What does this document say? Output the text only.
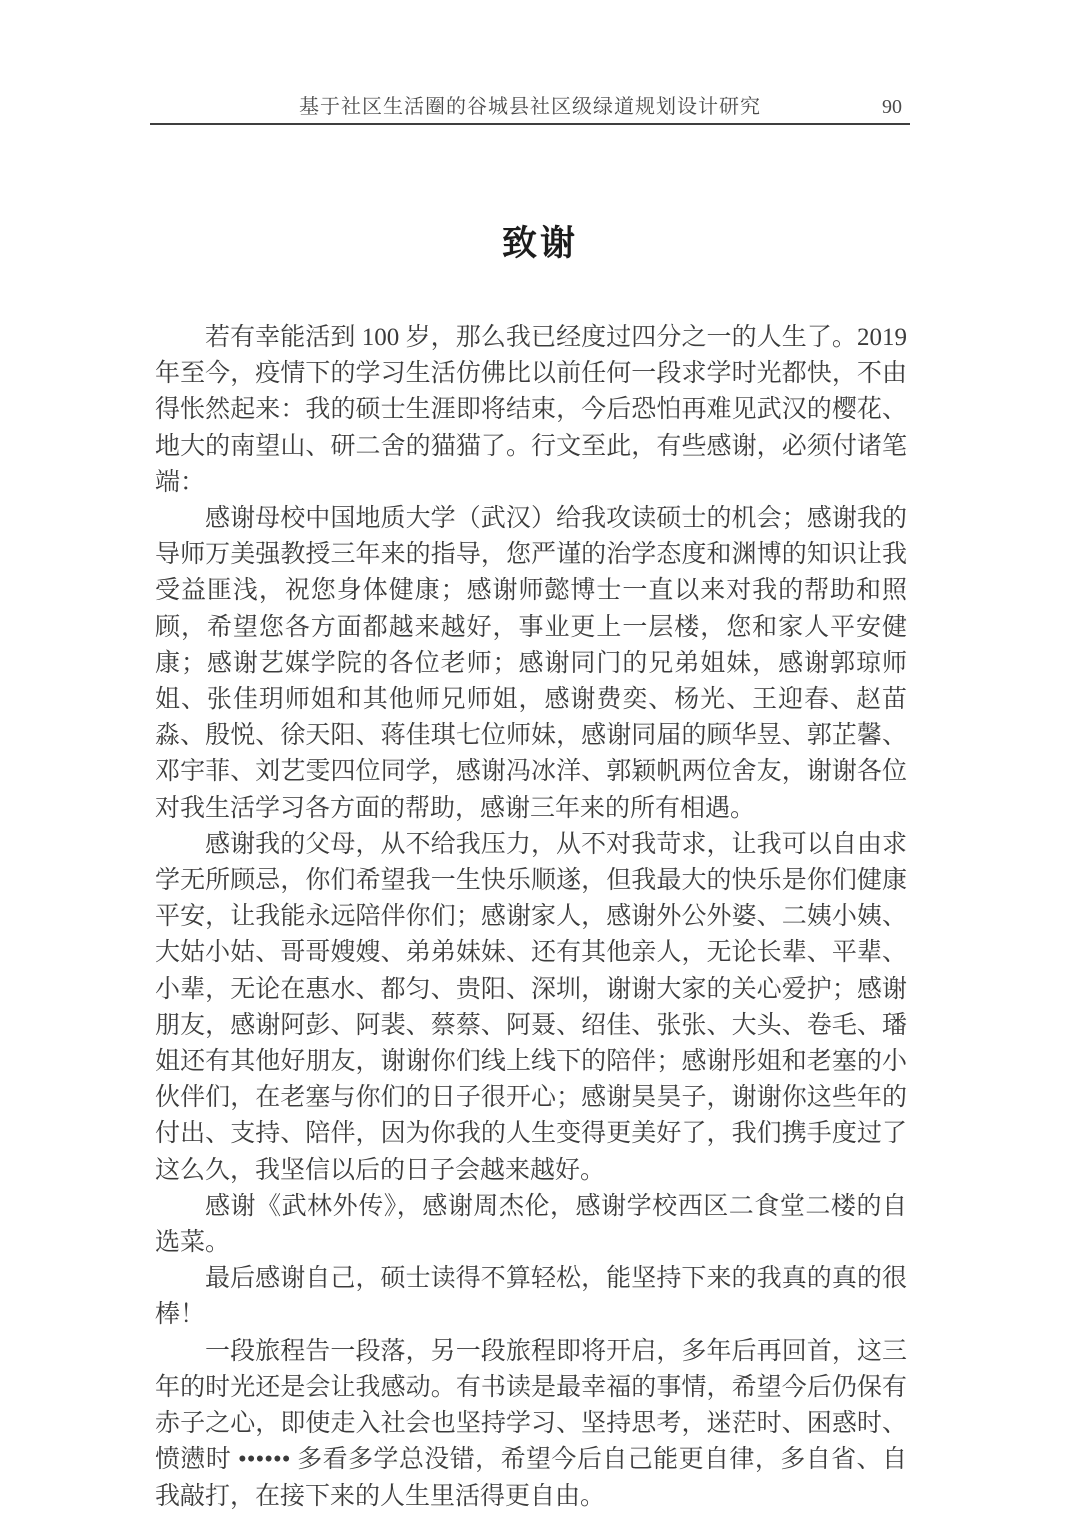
基于社区生活圈的谷城县社区级绿道规划设计研究	90
致谢

若有幸能活到 100 岁，那么我已经度过四分之一的人生了。2019 年至今，疫情下的学习生活仿佛比以前任何一段求学时光都快，不由得怅然起来：我的硕士生涯即将结束，今后恐怕再难见武汉的樱花、地大的南望山、研二舍的猫猫了。行文至此，有些感谢，必须付诸笔端：

感谢母校中国地质大学（武汉）给我攻读硕士的机会；感谢我的导师万美强教授三年来的指导，您严谨的治学态度和渊博的知识让我受益匪浅，祝您身体健康；感谢师懿博士一直以来对我的帮助和照顾，希望您各方面都越来越好，事业更上一层楼，您和家人平安健康；感谢艺媒学院的各位老师；感谢同门的兄弟姐妹，感谢郭琼师姐、张佳玥师姐和其他师兄师姐，感谢费奕、杨光、王迎春、赵苗淼、殷悦、徐天阳、蒋佳琪七位师妹，感谢同届的顾华昱、郭芷馨、邓宇菲、刘艺雯四位同学，感谢冯冰洋、郭颖帆两位舍友，谢谢各位对我生活学习各方面的帮助，感谢三年来的所有相遇。

感谢我的父母，从不给我压力，从不对我苛求，让我可以自由求学无所顾忌，你们希望我一生快乐顺遂，但我最大的快乐是你们健康平安，让我能永远陪伴你们；感谢家人，感谢外公外婆、二姨小姨、大姑小姑、哥哥嫂嫂、弟弟妹妹、还有其他亲人，无论长辈、平辈、小辈，无论在惠水、都匀、贵阳、深圳，谢谢大家的关心爱护；感谢朋友，感谢阿彭、阿裴、蔡蔡、阿聂、绍佳、张张、大头、卷毛、璠姐还有其他好朋友，谢谢你们线上线下的陪伴；感谢彤姐和老塞的小伙伴们，在老塞与你们的日子很开心；感谢昊昊子，谢谢你这些年的付出、支持、陪伴，因为你我的人生变得更美好了，我们携手度过了这么久，我坚信以后的日子会越来越好。

感谢《武林外传》，感谢周杰伦，感谢学校西区二食堂二楼的自选菜。

最后感谢自己，硕士读得不算轻松，能坚持下来的我真的真的很棒！

一段旅程告一段落，另一段旅程即将开启，多年后再回首，这三年的时光还是会让我感动。有书读是最幸福的事情，希望今后仍保有赤子之心，即使走入社会也坚持学习、坚持思考，迷茫时、困惑时、愤懑时 •••••• 多看多学总没错，希望今后自己能更自律，多自省、自我敲打，在接下来的人生里活得更自由。
